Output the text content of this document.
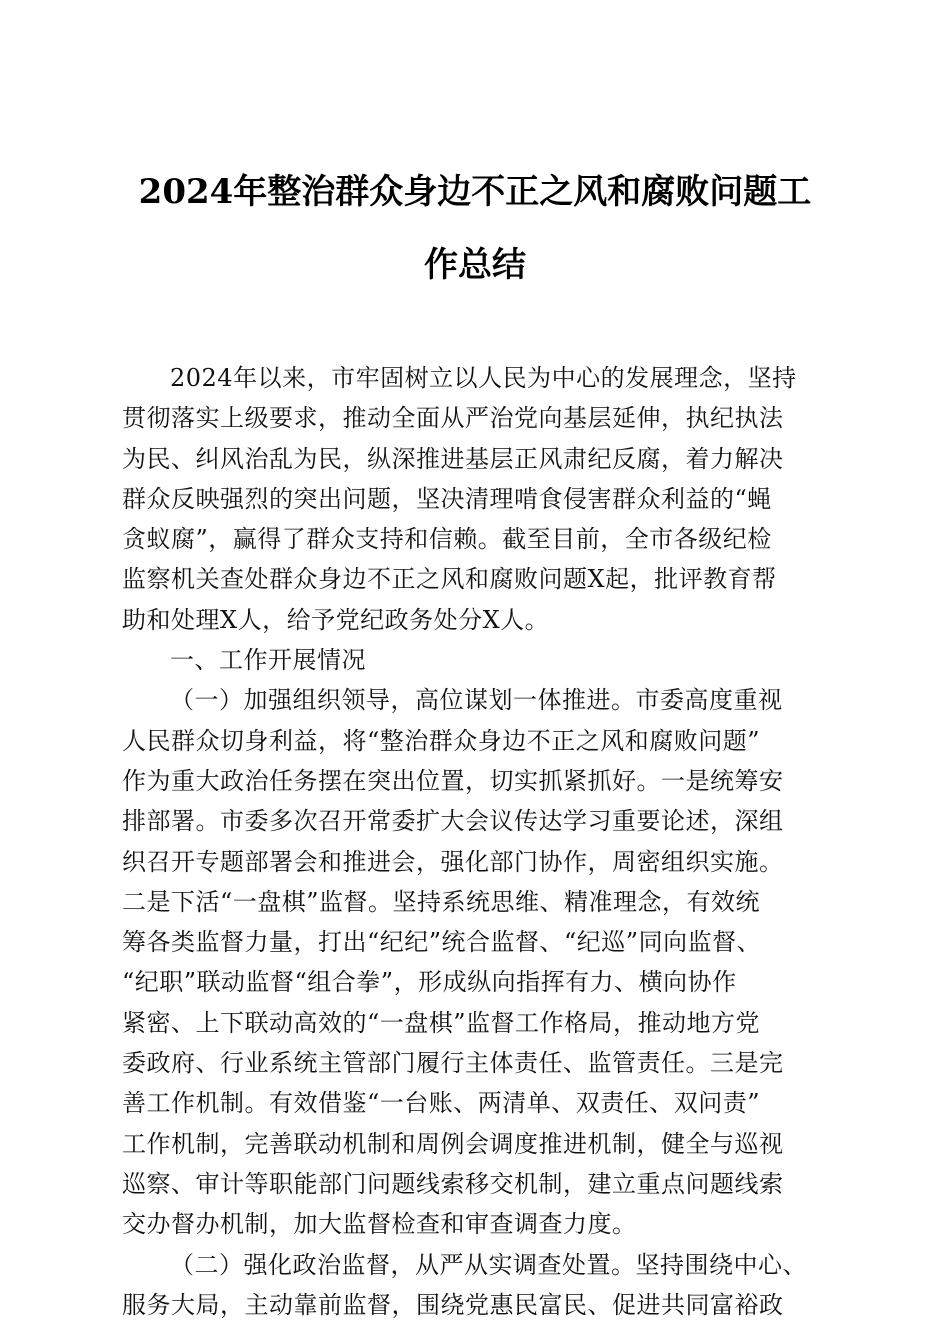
2024年整治群众身边不正之风和腐败问题工
作总结
2024年以来，市牢固树立以人民为中心的发展理念，坚持
贯彻落实上级要求，推动全面从严治党向基层延伸，执纪执法
为民、纠风治乱为民，纵深推进基层正风肃纪反腐，着力解决
群众反映强烈的突出问题，坚决清理啃食侵害群众利益的“蝇
贪蚁腐”，赢得了群众支持和信赖。截至目前，全市各级纪检
监察机关查处群众身边不正之风和腐败问题X起，批评教育帮
助和处理X人，给予党纪政务处分X人。
一、工作开展情况
（一）加强组织领导，高位谋划一体推进。市委高度重视
人民群众切身利益，将“整治群众身边不正之风和腐败问题”
作为重大政治任务摆在突出位置，切实抓紧抓好。一是统筹安
排部署。市委多次召开常委扩大会议传达学习重要论述，深组
织召开专题部署会和推进会，强化部门协作，周密组织实施。
二是下活“一盘棋”监督。坚持系统思维、精准理念，有效统
筹各类监督力量，打出“纪纪”统合监督、“纪巡”同向监督、
“纪职”联动监督“组合拳”，形成纵向指挥有力、横向协作
紧密、上下联动高效的“一盘棋”监督工作格局，推动地方党
委政府、行业系统主管部门履行主体责任、监管责任。三是完
善工作机制。有效借鉴“一台账、两清单、双责任、双问责”
工作机制，完善联动机制和周例会调度推进机制，健全与巡视
巡察、审计等职能部门问题线索移交机制，建立重点问题线索
交办督办机制，加大监督检查和审查调查力度。
（二）强化政治监督，从严从实调查处置。坚持围绕中心、
服务大局，主动靠前监督，围绕党惠民富民、促进共同富裕政
